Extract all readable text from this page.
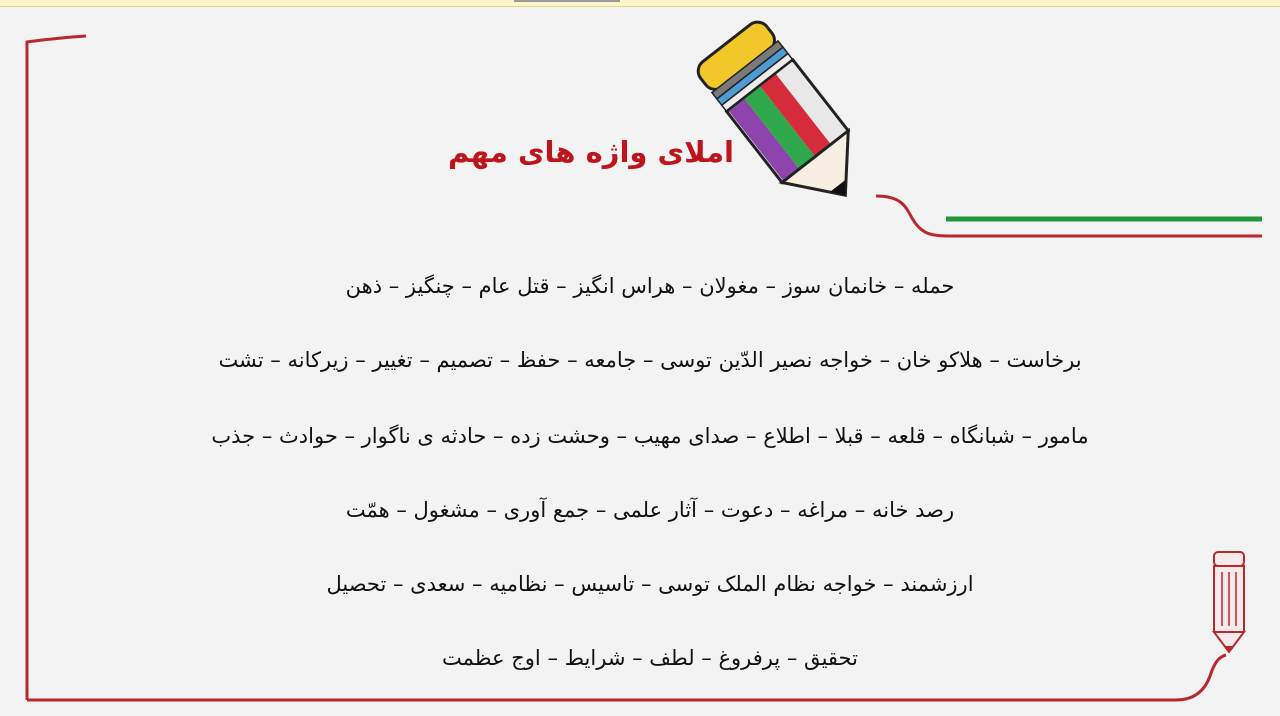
املای واژه های مهم
حمله – خانمان سوز – مغولان – هراس انگیز – قتل عام – چنگیز – ذهن
برخاست – هلاکو خان – خواجه نصیر الدّین توسی – جامعه – حفظ – تصمیم – تغییر – زیرکانه – تشت
مامور – شبانگاه – قلعه – قبلا – اطلاع – صدای مهیب – وحشت زده – حادثه ی ناگوار – حوادث – جذب
رصد خانه – مراغه – دعوت – آثار علمی – جمع آوری – مشغول – همّت
ارزشمند – خواجه نظام الملک توسی – تاسیس – نظامیه – سعدی – تحصیل
تحقیق – پرفروغ – لطف – شرایط – اوج عظمت
